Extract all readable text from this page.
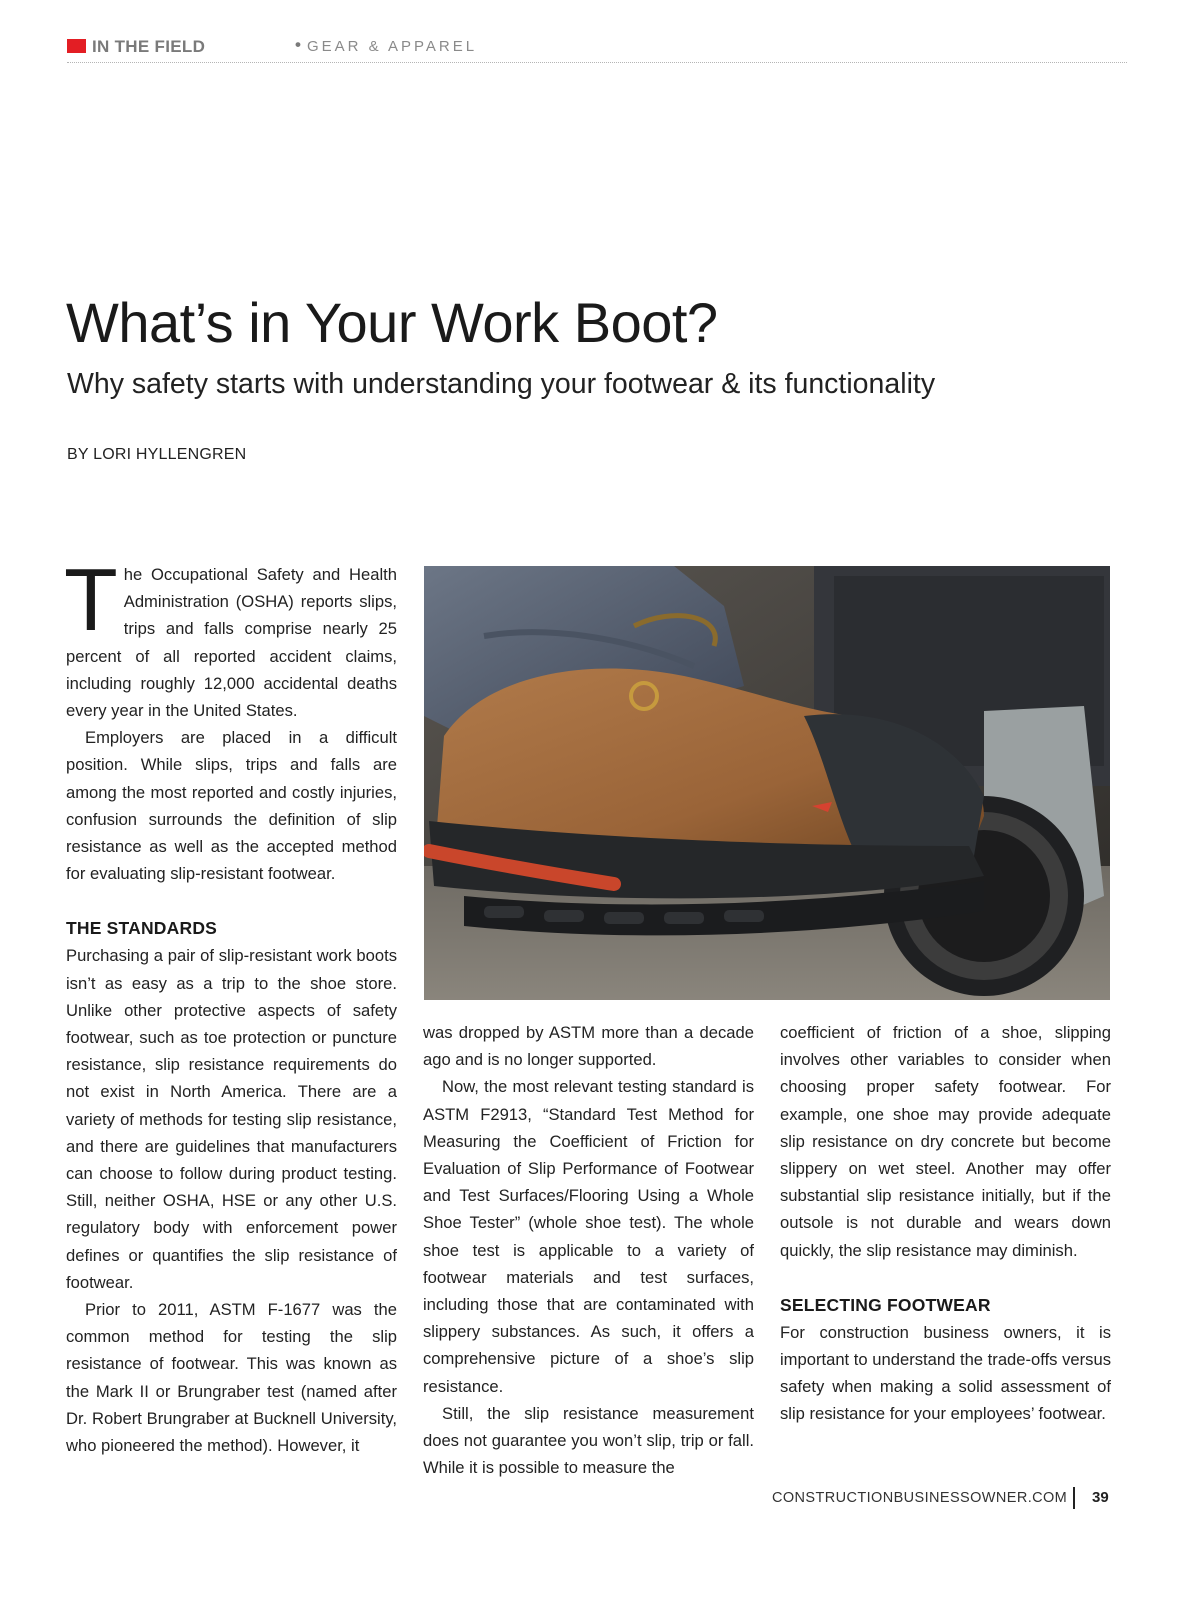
IN THE FIELD	• GEAR & APPAREL
What’s in Your Work Boot?
Why safety starts with understanding your footwear & its functionality
BY LORI HYLLENGREN

The Occupational Safety and Health Administration (OSHA) reports slips, trips and falls comprise nearly 25 percent of all reported accident claims, including roughly 12,000 accidental deaths every year in the United States.

Employers are placed in a difficult position. While slips, trips and falls are among the most reported and costly injuries, confusion surrounds the definition of slip resistance as well as the accepted method for evaluating slip-resistant footwear.

THE STANDARDS

Purchasing a pair of slip-resistant work boots isn’t as easy as a trip to the shoe store. Unlike other protective aspects of safety footwear, such as toe protection or puncture resistance, slip resistance requirements do not exist in North America. There are a variety of methods for testing slip resistance, and there are guidelines that manufacturers can choose to follow during product testing. Still, neither OSHA, HSE or any other U.S. regulatory body with enforcement power defines or quantifies the slip resistance of footwear.

Prior to 2011, ASTM F-1677 was the common method for testing the slip resistance of footwear. This was known as the Mark II or Brungraber test (named after Dr. Robert Brungraber at Bucknell University, who pioneered the method). However, it

was dropped by ASTM more than a decade ago and is no longer supported.

Now, the most relevant testing standard is ASTM F2913, “Standard Test Method for Measuring the Coefficient of Friction for Evaluation of Slip Performance of Footwear and Test Surfaces/Flooring Using a Whole Shoe Tester” (whole shoe test). The whole shoe test is applicable to a variety of footwear materials and test surfaces, including those that are contaminated with slippery substances. As such, it offers a comprehensive picture of a shoe’s slip resistance.

Still, the slip resistance measurement does not guarantee you won’t slip, trip or fall. While it is possible to measure the

coefficient of friction of a shoe, slipping involves other variables to consider when choosing proper safety footwear. For example, one shoe may provide adequate slip resistance on dry concrete but become slippery on wet steel. Another may offer substantial slip resistance initially, but if the outsole is not durable and wears down quickly, the slip resistance may diminish.

SELECTING FOOTWEAR

For construction business owners, it is important to understand the trade-offs versus safety when making a solid assessment of slip resistance for your employees’ footwear.

CONSTRUCTIONBUSINESSOWNER.COM 39
